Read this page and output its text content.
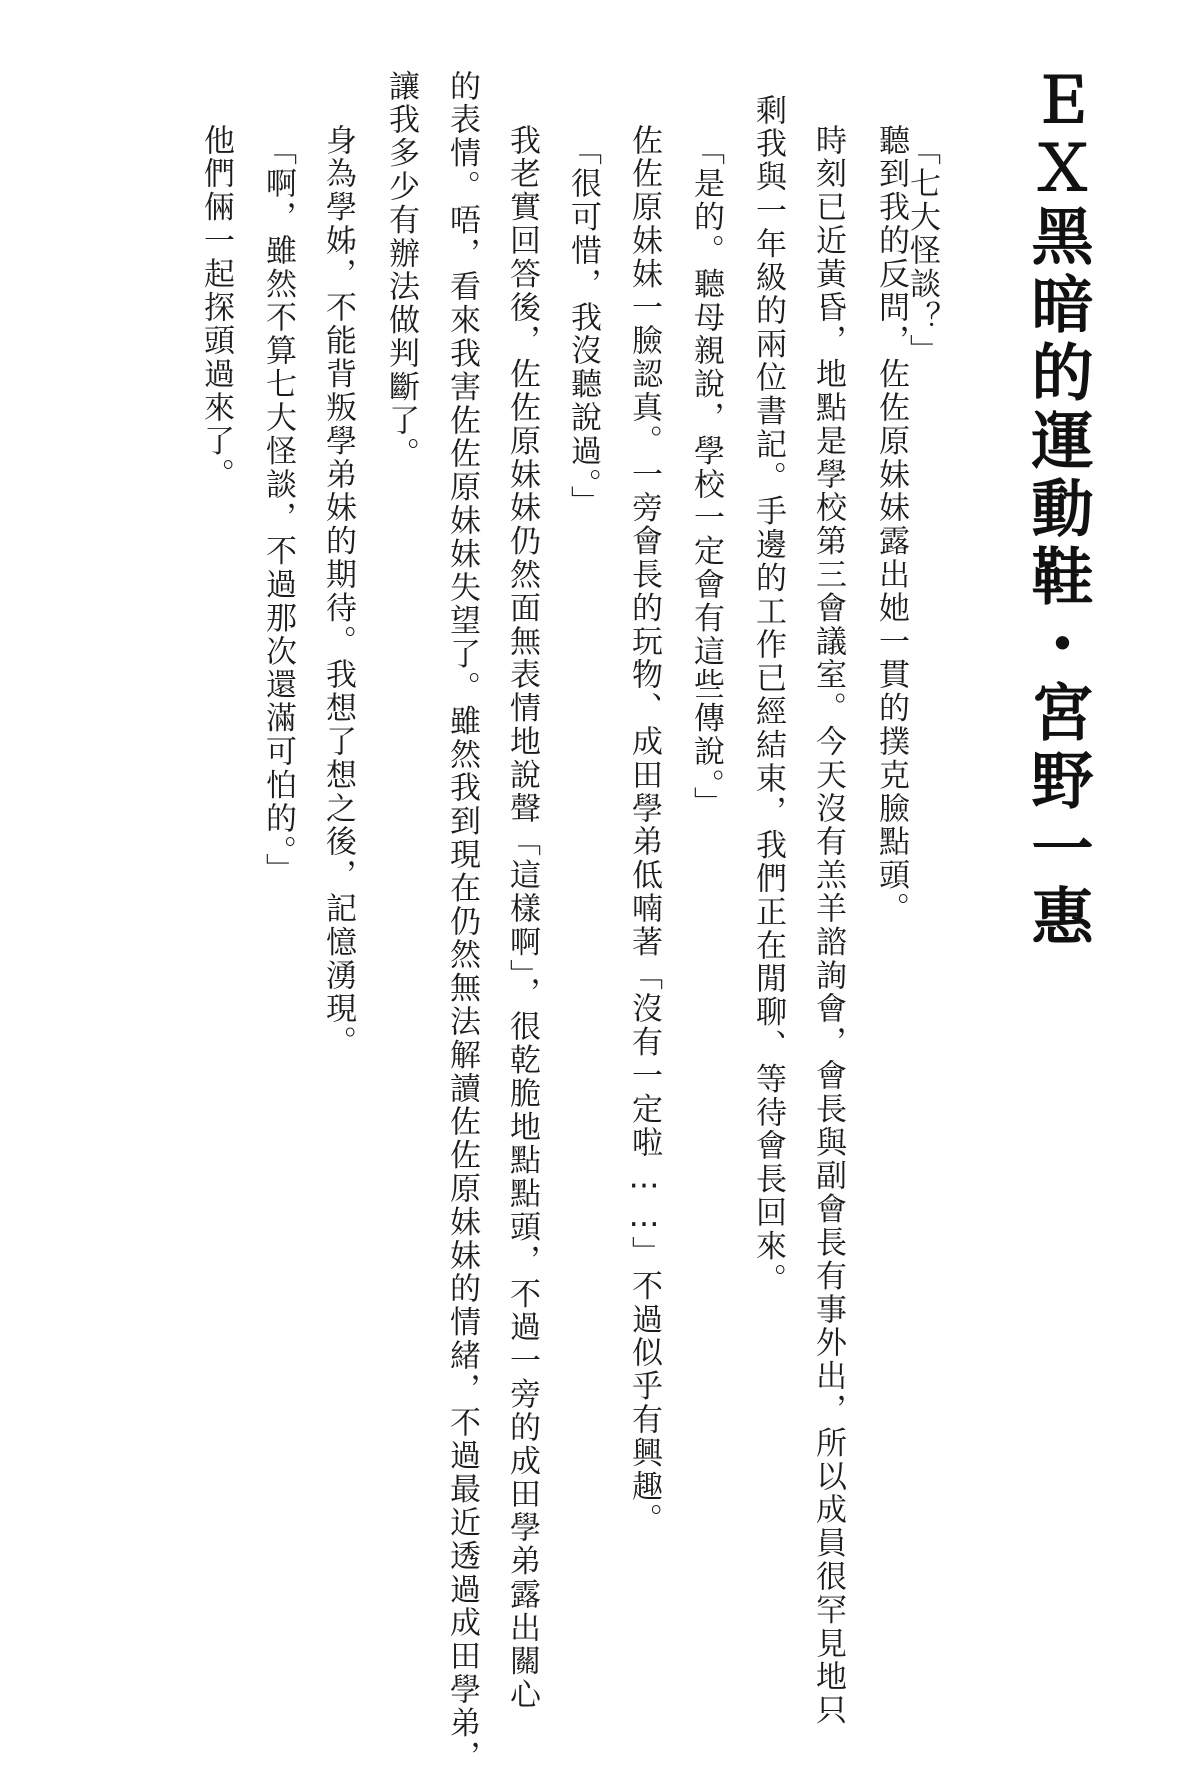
ＥＸ黑暗的運動鞋・宮野一惠
「七大怪談？」
聽到我的反問，佐佐原妹妹露出她一貫的撲克臉點頭。
時刻已近黃昏，地點是學校第三會議室。今天沒有羔羊諮詢會，會長與副會長有事外出，所以成員很罕見地只
剩我與一年級的兩位書記。手邊的工作已經結束，我們正在閒聊、等待會長回來。
「是的。聽母親說，學校一定會有這些傳說。」
佐佐原妹妹一臉認真。一旁會長的玩物、成田學弟低喃著「沒有一定啦……」不過似乎有興趣。
「很可惜，我沒聽說過。」
我老實回答後，佐佐原妹妹仍然面無表情地說聲「這樣啊」，很乾脆地點點頭，不過一旁的成田學弟露出關心
的表情。唔，看來我害佐佐原妹妹失望了。雖然我到現在仍然無法解讀佐佐原妹妹的情緒，不過最近透過成田學弟，
讓我多少有辦法做判斷了。
身為學姊，不能背叛學弟妹的期待。我想了想之後，記憶湧現。
「啊，雖然不算七大怪談，不過那次還滿可怕的。」
他們倆一起探頭過來了。
